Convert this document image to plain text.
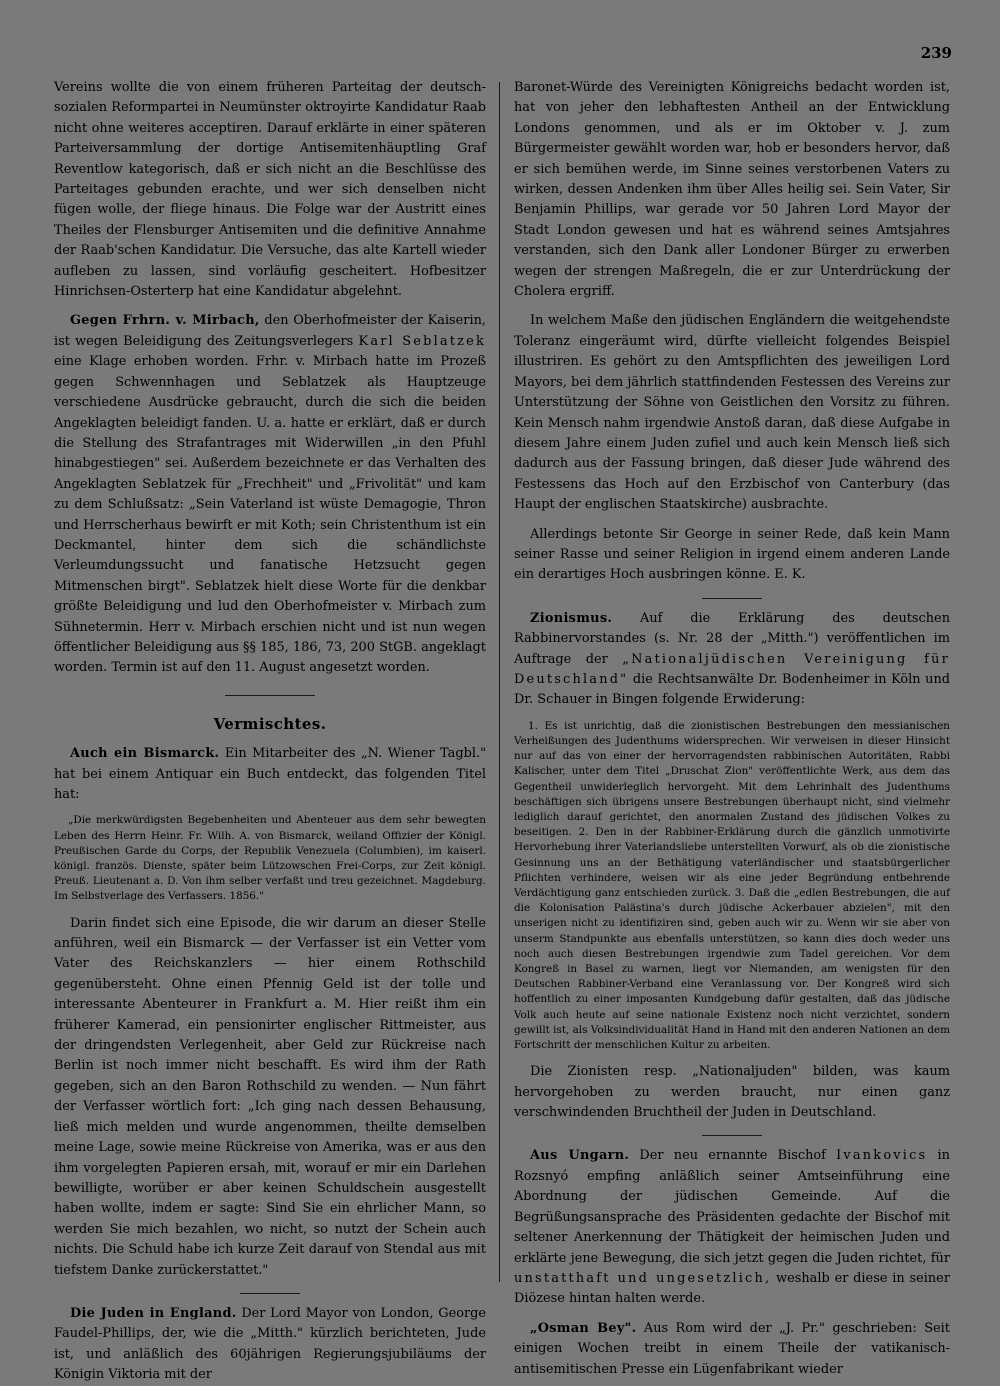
239

Vereins wollte die von einem früheren Parteitag der deutsch-sozialen Reformpartei in Neumünster oktroyirte Kandidatur Raab nicht ohne weiteres acceptiren. Darauf erklärte in einer späteren Parteiversammlung der dortige Antisemitenhäuptling Graf Reventlow kategorisch, daß er sich nicht an die Beschlüsse des Parteitages gebunden erachte, und wer sich denselben nicht fügen wolle, der fliege hinaus. Die Folge war der Austritt eines Theiles der Flensburger Antisemiten und die definitive Annahme der Raab'schen Kandidatur. Die Versuche, das alte Kartell wieder aufleben zu lassen, sind vorläufig gescheitert. Hofbesitzer Hinrichsen-Osterterp hat eine Kandidatur abgelehnt.

Gegen Frhrn. v. Mirbach, den Oberhofmeister der Kaiserin, ist wegen Beleidigung des Zeitungsverlegers Karl Seblatzek eine Klage erhoben worden. Frhr. v. Mirbach hatte im Prozeß gegen Schwennhagen und Seblatzek als Hauptzeuge verschiedene Ausdrücke gebraucht, durch die sich die beiden Angeklagten beleidigt fanden. U. a. hatte er erklärt, daß er durch die Stellung des Strafantrages mit Widerwillen „in den Pfuhl hinabgestiegen" sei. Außerdem bezeichnete er das Verhalten des Angeklagten Seblatzek für „Frechheit" und „Frivolität" und kam zu dem Schlußsatz: „Sein Vaterland ist wüste Demagogie, Thron und Herrscherhaus bewirft er mit Koth; sein Christenthum ist ein Deckmantel, hinter dem sich die schändlichste Verleumdungssucht und fanatische Hetzsucht gegen Mitmenschen birgt". Seblatzek hielt diese Worte für die denkbar größte Beleidigung und lud den Oberhofmeister v. Mirbach zum Sühnetermin. Herr v. Mirbach erschien nicht und ist nun wegen öffentlicher Beleidigung aus §§ 185, 186, 73, 200 StGB. angeklagt worden. Termin ist auf den 11. August angesetzt worden.

Vermischtes.

Auch ein Bismarck. Ein Mitarbeiter des „N. Wiener Tagbl." hat bei einem Antiquar ein Buch entdeckt, das folgenden Titel hat:

„Die merkwürdigsten Begebenheiten und Abenteuer aus dem sehr bewegten Leben des Herrn Heinr. Fr. Wilh. A. von Bismarck, weiland Offizier der Königl. Preußischen Garde du Corps, der Republik Venezuela (Columbien), im kaiserl. königl. französ. Dienste, später beim Lützowschen Frei-Corps, zur Zeit königl. Preuß. Lieutenant a. D. Von ihm selber verfaßt und treu gezeichnet. Magdeburg. Im Selbstverlage des Verfassers. 1856."

Darin findet sich eine Episode, die wir darum an dieser Stelle anführen, weil ein Bismarck — der Verfasser ist ein Vetter vom Vater des Reichskanzlers — hier einem Rothschild gegenübersteht. Ohne einen Pfennig Geld ist der tolle und interessante Abenteurer in Frankfurt a. M. Hier reißt ihm ein früherer Kamerad, ein pensionirter englischer Rittmeister, aus der dringendsten Verlegenheit, aber Geld zur Rückreise nach Berlin ist noch immer nicht beschafft. Es wird ihm der Rath gegeben, sich an den Baron Rothschild zu wenden. — Nun fährt der Verfasser wörtlich fort: „Ich ging nach dessen Behausung, ließ mich melden und wurde angenommen, theilte demselben meine Lage, sowie meine Rückreise von Amerika, was er aus den ihm vorgelegten Papieren ersah, mit, worauf er mir ein Darlehen bewilligte, worüber er aber keinen Schuldschein ausgestellt haben wollte, indem er sagte: Sind Sie ein ehrlicher Mann, so werden Sie mich bezahlen, wo nicht, so nutzt der Schein auch nichts. Die Schuld habe ich kurze Zeit darauf von Stendal aus mit tiefstem Danke zurückerstattet."

Die Juden in England. Der Lord Mayor von London, George Faudel-Phillips, der, wie die „Mitth." kürzlich berichteten, Jude ist, und anläßlich des 60jährigen Regierungsjubiläums der Königin Viktoria mit der

Baronet-Würde des Vereinigten Königreichs bedacht worden ist, hat von jeher den lebhaftesten Antheil an der Entwicklung Londons genommen, und als er im Oktober v. J. zum Bürgermeister gewählt worden war, hob er besonders hervor, daß er sich bemühen werde, im Sinne seines verstorbenen Vaters zu wirken, dessen Andenken ihm über Alles heilig sei. Sein Vater, Sir Benjamin Phillips, war gerade vor 50 Jahren Lord Mayor der Stadt London gewesen und hat es während seines Amtsjahres verstanden, sich den Dank aller Londoner Bürger zu erwerben wegen der strengen Maßregeln, die er zur Unterdrückung der Cholera ergriff.

In welchem Maße den jüdischen Engländern die weitgehendste Toleranz eingeräumt wird, dürfte vielleicht folgendes Beispiel illustriren. Es gehört zu den Amtspflichten des jeweiligen Lord Mayors, bei dem jährlich stattfindenden Festessen des Vereins zur Unterstützung der Söhne von Geistlichen den Vorsitz zu führen. Kein Mensch nahm irgendwie Anstoß daran, daß diese Aufgabe in diesem Jahre einem Juden zufiel und auch kein Mensch ließ sich dadurch aus der Fassung bringen, daß dieser Jude während des Festessens das Hoch auf den Erzbischof von Canterbury (das Haupt der englischen Staatskirche) ausbrachte.

Allerdings betonte Sir George in seiner Rede, daß kein Mann seiner Rasse und seiner Religion in irgend einem anderen Lande ein derartiges Hoch ausbringen könne. E. K.

Zionismus. Auf die Erklärung des deutschen Rabbinervorstandes (s. Nr. 28 der „Mitth.") veröffentlichen im Auftrage der „Nationaljüdischen Vereinigung für Deutschland" die Rechtsanwälte Dr. Bodenheimer in Köln und Dr. Schauer in Bingen folgende Erwiderung:

1. Es ist unrichtig, daß die zionistischen Bestrebungen den messianischen Verheißungen des Judenthums widersprechen. Wir verweisen in dieser Hinsicht nur auf das von einer der hervorragendsten rabbinischen Autoritäten, Rabbi Kalischer, unter dem Titel „Druschat Zion" veröffentlichte Werk, aus dem das Gegentheil unwiderleglich hervorgeht. Mit dem Lehrinhalt des Judenthums beschäftigen sich übrigens unsere Bestrebungen überhaupt nicht, sind vielmehr lediglich darauf gerichtet, den anormalen Zustand des jüdischen Volkes zu beseitigen. 2. Den in der Rabbiner-Erklärung durch die gänzlich unmotivirte Hervorhebung ihrer Vaterlandsliebe unterstellten Vorwurf, als ob die zionistische Gesinnung uns an der Bethätigung vaterländischer und staatsbürgerlicher Pflichten verhindere, weisen wir als eine jeder Begründung entbehrende Verdächtigung ganz entschieden zurück. 3. Daß die „edlen Bestrebungen, die auf die Kolonisation Palästina's durch jüdische Ackerbauer abzielen", mit den unserigen nicht zu identifiziren sind, geben auch wir zu. Wenn wir sie aber von unserm Standpunkte aus ebenfalls unterstützen, so kann dies doch weder uns noch auch diesen Bestrebungen irgendwie zum Tadel gereichen. Vor dem Kongreß in Basel zu warnen, liegt vor Niemanden, am wenigsten für den Deutschen Rabbiner-Verband eine Veranlassung vor. Der Kongreß wird sich hoffentlich zu einer imposanten Kundgebung dafür gestalten, daß das jüdische Volk auch heute auf seine nationale Existenz noch nicht verzichtet, sondern gewillt ist, als Volksindividualität Hand in Hand mit den anderen Nationen an dem Fortschritt der menschlichen Kultur zu arbeiten.

Die Zionisten resp. „Nationaljuden" bilden, was kaum hervorgehoben zu werden braucht, nur einen ganz verschwindenden Bruchtheil der Juden in Deutschland.

Aus Ungarn. Der neu ernannte Bischof Ivankovics in Rozsnyó empfing anläßlich seiner Amtseinführung eine Abordnung der jüdischen Gemeinde. Auf die Begrüßungsansprache des Präsidenten gedachte der Bischof mit seltener Anerkennung der Thätigkeit der heimischen Juden und erklärte jene Bewegung, die sich jetzt gegen die Juden richtet, für unstatthaft und ungesetzlich, weshalb er diese in seiner Diözese hintan halten werde.

„Osman Bey". Aus Rom wird der „J. Pr." geschrieben: Seit einigen Wochen treibt in einem Theile der vatikanisch-antisemitischen Presse ein Lügenfabrikant wieder
